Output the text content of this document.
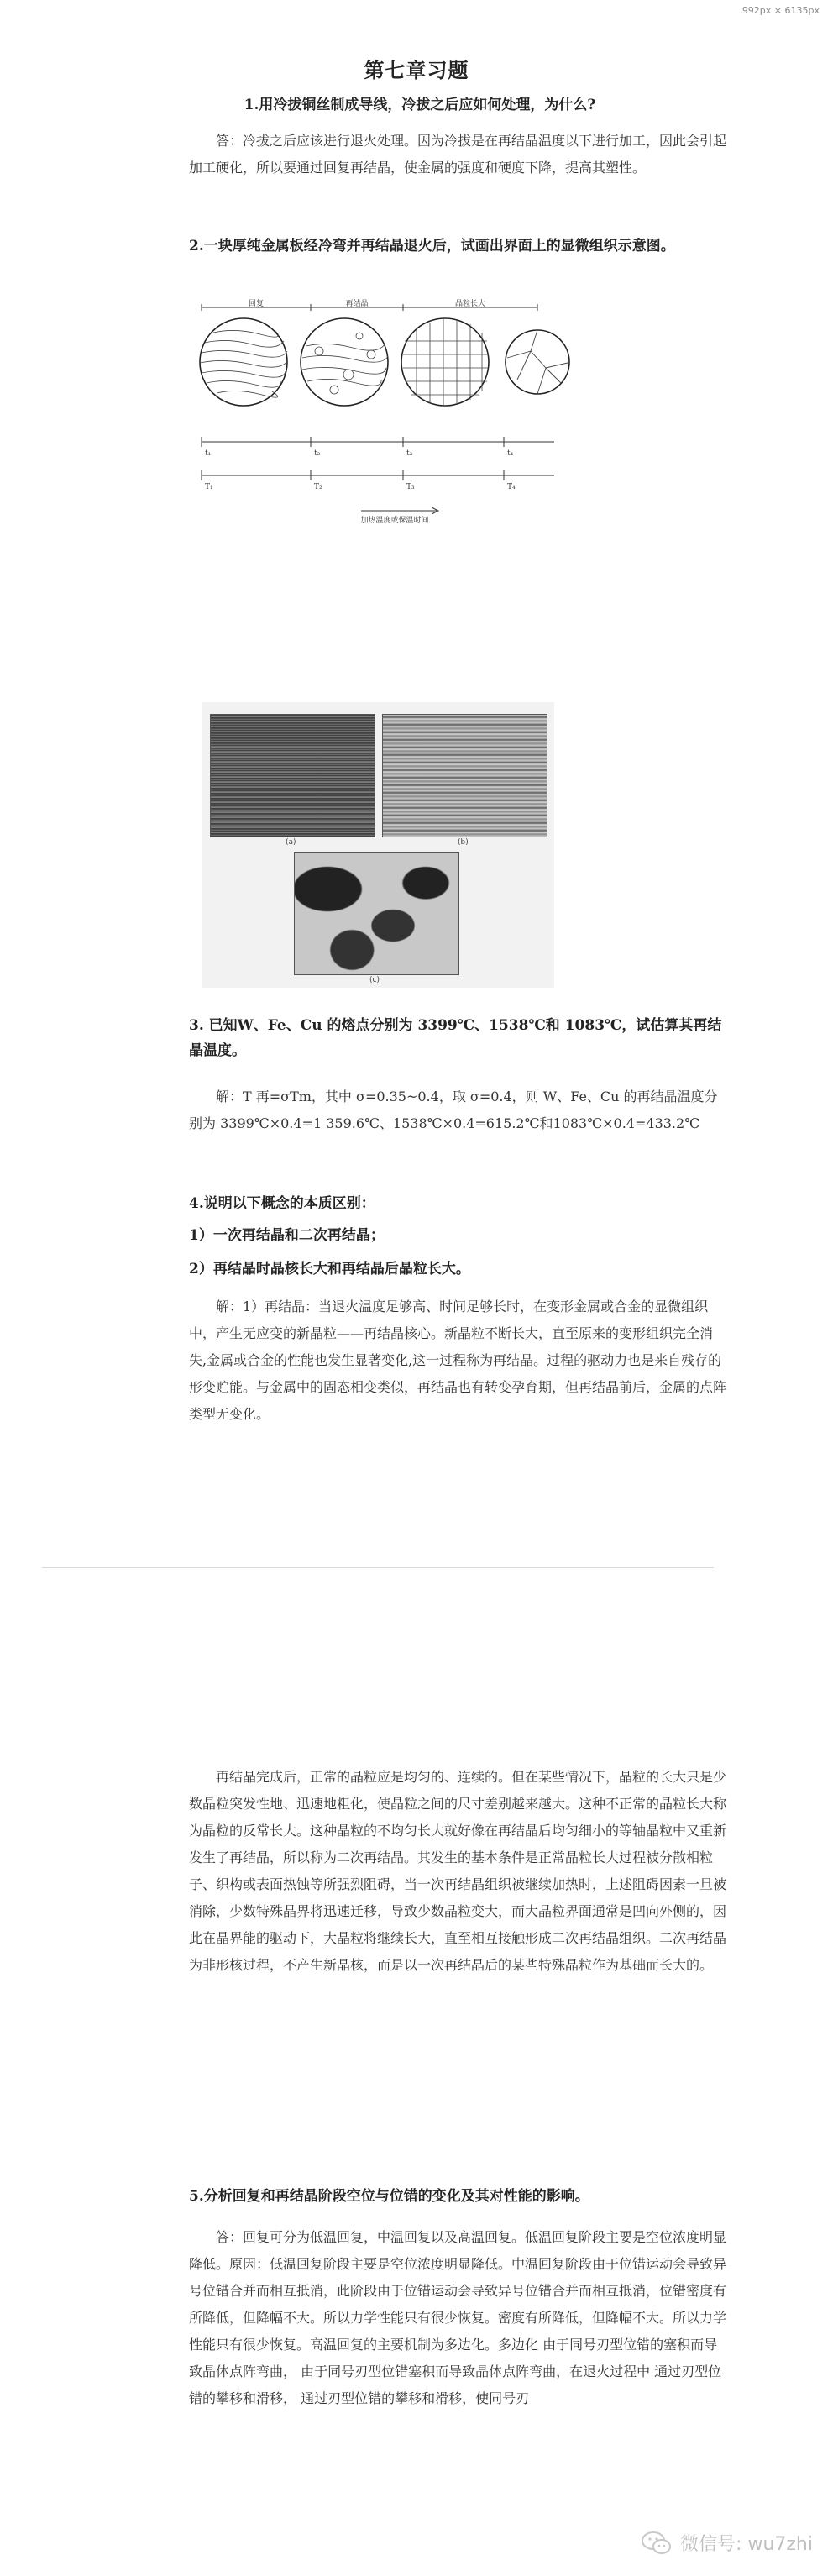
992px × 6135px
第七章习题
1.用冷拔铜丝制成导线，冷拔之后应如何处理，为什么?
答：冷拔之后应该进行退火处理。因为冷拔是在再结晶温度以下进行加工，因此会引起加工硬化，所以要通过回复再结晶，使金属的强度和硬度下降，提高其塑性。
2.一块厚纯金属板经冷弯并再结晶退火后，试画出界面上的显微组织示意图。
回复	再结晶	晶粒长大
t₁	t₂	t₃	t₄
T₁	T₂	T₃	T₄
加热温度或保温时间
(a)	(b)
(c)
3. 已知W、Fe、Cu 的熔点分别为 3399℃、1538℃和 1083℃，试估算其再结晶温度。
解：T 再=σTm，其中 σ=0.35~0.4，取 σ=0.4，则 W、Fe、Cu 的再结晶温度分别为 3399℃×0.4=1 359.6℃、1538℃×0.4=615.2℃和1083℃×0.4=433.2℃
4.说明以下概念的本质区别：
1）一次再结晶和二次再结晶；
2）再结晶时晶核长大和再结晶后晶粒长大。
解：1）再结晶：当退火温度足够高、时间足够长时，在变形金属或合金的显微组织中，产生无应变的新晶粒——再结晶核心。新晶粒不断长大，直至原来的变形组织完全消失,金属或合金的性能也发生显著变化,这一过程称为再结晶。过程的驱动力也是来自残存的形变贮能。与金属中的固态相变类似，再结晶也有转变孕育期，但再结晶前后，金属的点阵类型无变化。
再结晶完成后，正常的晶粒应是均匀的、连续的。但在某些情况下，晶粒的长大只是少数晶粒突发性地、迅速地粗化，使晶粒之间的尺寸差别越来越大。这种不正常的晶粒长大称为晶粒的反常长大。这种晶粒的不均匀长大就好像在再结晶后均匀细小的等轴晶粒中又重新发生了再结晶，所以称为二次再结晶。其发生的基本条件是正常晶粒长大过程被分散相粒子、织构或表面热蚀等所强烈阻碍，当一次再结晶组织被继续加热时，上述阻碍因素一旦被消除，少数特殊晶界将迅速迁移，导致少数晶粒变大，而大晶粒界面通常是凹向外侧的，因此在晶界能的驱动下，大晶粒将继续长大，直至相互接触形成二次再结晶组织。二次再结晶为非形核过程，不产生新晶核，而是以一次再结晶后的某些特殊晶粒作为基础而长大的。
5.分析回复和再结晶阶段空位与位错的变化及其对性能的影响。
答：回复可分为低温回复，中温回复以及高温回复。低温回复阶段主要是空位浓度明显降低。原因：低温回复阶段主要是空位浓度明显降低。中温回复阶段由于位错运动会导致异号位错合并而相互抵消，此阶段由于位错运动会导致异号位错合并而相互抵消，位错密度有所降低，但降幅不大。所以力学性能只有很少恢复。密度有所降低，但降幅不大。所以力学性能只有很少恢复。高温回复的主要机制为多边化。多边化 由于同号刃型位错的塞积而导致晶体点阵弯曲， 由于同号刃型位错塞积而导致晶体点阵弯曲，在退火过程中 通过刃型位错的攀移和滑移， 通过刃型位错的攀移和滑移，使同号刃
微信号: wu7zhi
